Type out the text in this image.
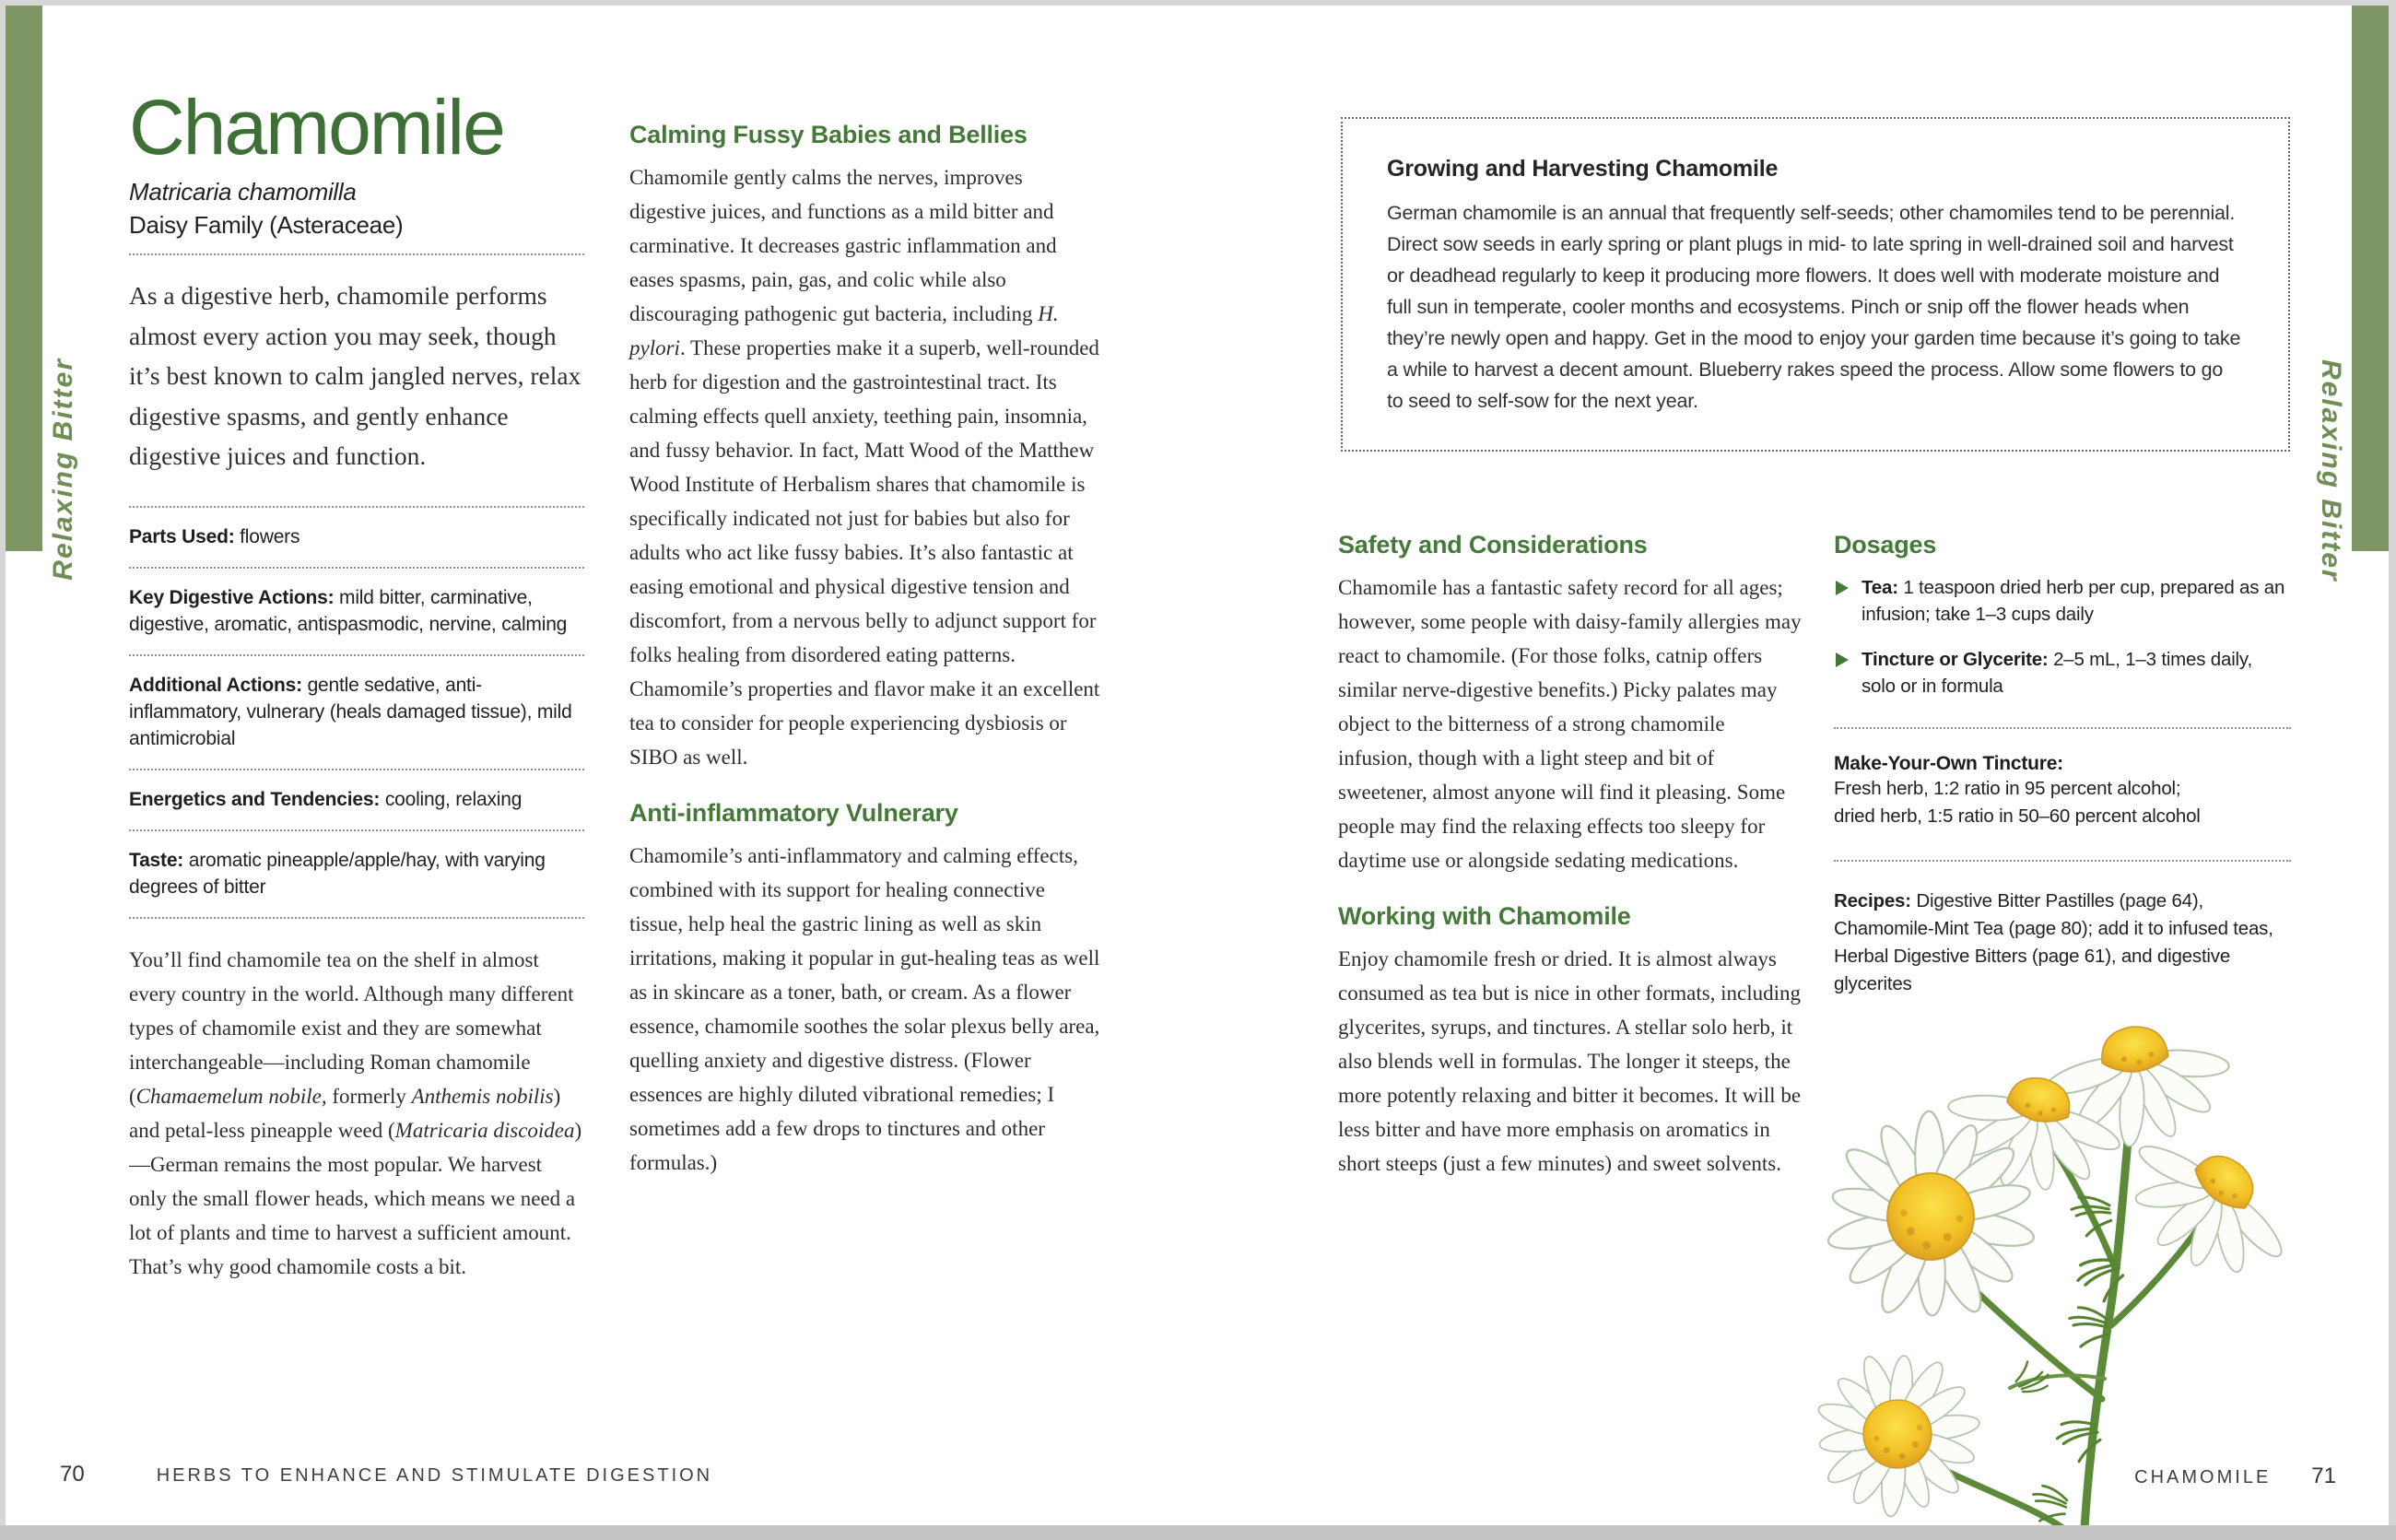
Relaxing Bitter	Relaxing Bitter
Chamomile
Matricaria chamomilla
Daisy Family (Asteraceae)

As a digestive herb, chamomile performs almost every action you may seek, though it’s best known to calm jangled nerves, relax digestive spasms, and gently enhance digestive juices and function.

Parts Used: flowers
Key Digestive Actions: mild bitter, carminative, digestive, aromatic, antispasmodic, nervine, calming
Additional Actions: gentle sedative, anti-inflammatory, vulnerary (heals damaged tissue), mild antimicrobial
Energetics and Tendencies: cooling, relaxing
Taste: aromatic pineapple/apple/hay, with varying degrees of bitter

You’ll find chamomile tea on the shelf in almost every country in the world. Although many different types of chamomile exist and they are somewhat interchangeable—including Roman chamomile (Chamaemelum nobile, formerly Anthemis nobilis) and petal-less pineapple weed (Matricaria discoidea)—German remains the most popular. We harvest only the small flower heads, which means we need a lot of plants and time to harvest a sufficient amount. That’s why good chamomile costs a bit.

Calming Fussy Babies and Bellies

Chamomile gently calms the nerves, improves digestive juices, and functions as a mild bitter and carminative. It decreases gastric inflammation and eases spasms, pain, gas, and colic while also discouraging pathogenic gut bacteria, including H. pylori. These properties make it a superb, well-rounded herb for digestion and the gastrointestinal tract. Its calming effects quell anxiety, teething pain, insomnia, and fussy behavior. In fact, Matt Wood of the Matthew Wood Institute of Herbalism shares that chamomile is specifically indicated not just for babies but also for adults who act like fussy babies. It’s also fantastic at easing emotional and physical digestive tension and discomfort, from a nervous belly to adjunct support for folks healing from disordered eating patterns. Chamomile’s properties and flavor make it an excellent tea to consider for people experiencing dysbiosis or SIBO as well.

Anti-inflammatory Vulnerary

Chamomile’s anti-inflammatory and calming effects, combined with its support for healing connective tissue, help heal the gastric lining as well as skin irritations, making it popular in gut-healing teas as well as in skincare as a toner, bath, or cream. As a flower essence, chamomile soothes the solar plexus belly area, quelling anxiety and digestive distress. (Flower essences are highly diluted vibrational remedies; I sometimes add a few drops to tinctures and other formulas.)

Growing and Harvesting Chamomile

German chamomile is an annual that frequently self-seeds; other chamomiles tend to be perennial. Direct sow seeds in early spring or plant plugs in mid- to late spring in well-drained soil and harvest or deadhead regularly to keep it producing more flowers. It does well with moderate moisture and full sun in temperate, cooler months and ecosystems. Pinch or snip off the flower heads when they’re newly open and happy. Get in the mood to enjoy your garden time because it’s going to take a while to harvest a decent amount. Blueberry rakes speed the process. Allow some flowers to go to seed to self-sow for the next year.

Safety and Considerations

Chamomile has a fantastic safety record for all ages; however, some people with daisy-family allergies may react to chamomile. (For those folks, catnip offers similar nerve-digestive benefits.) Picky palates may object to the bitterness of a strong chamomile infusion, though with a light steep and bit of sweetener, almost anyone will find it pleasing. Some people may find the relaxing effects too sleepy for daytime use or alongside sedating medications.

Working with Chamomile

Enjoy chamomile fresh or dried. It is almost always consumed as tea but is nice in other formats, including glycerites, syrups, and tinctures. A stellar solo herb, it also blends well in formulas. The longer it steeps, the more potently relaxing and bitter it becomes. It will be less bitter and have more emphasis on aromatics in short steeps (just a few minutes) and sweet solvents.

Dosages

Tea: 1 teaspoon dried herb per cup, prepared as an infusion; take 1–3 cups daily

Tincture or Glycerite: 2–5 mL, 1–3 times daily, solo or in formula

Make-Your-Own Tincture:
Fresh herb, 1:2 ratio in 95 percent alcohol;
dried herb, 1:5 ratio in 50–60 percent alcohol

Recipes: Digestive Bitter Pastilles (page 64), Chamomile-Mint Tea (page 80); add it to infused teas, Herbal Digestive Bitters (page 61), and digestive glycerites

70	HERBS TO ENHANCE AND STIMULATE DIGESTION	CHAMOMILE 71
